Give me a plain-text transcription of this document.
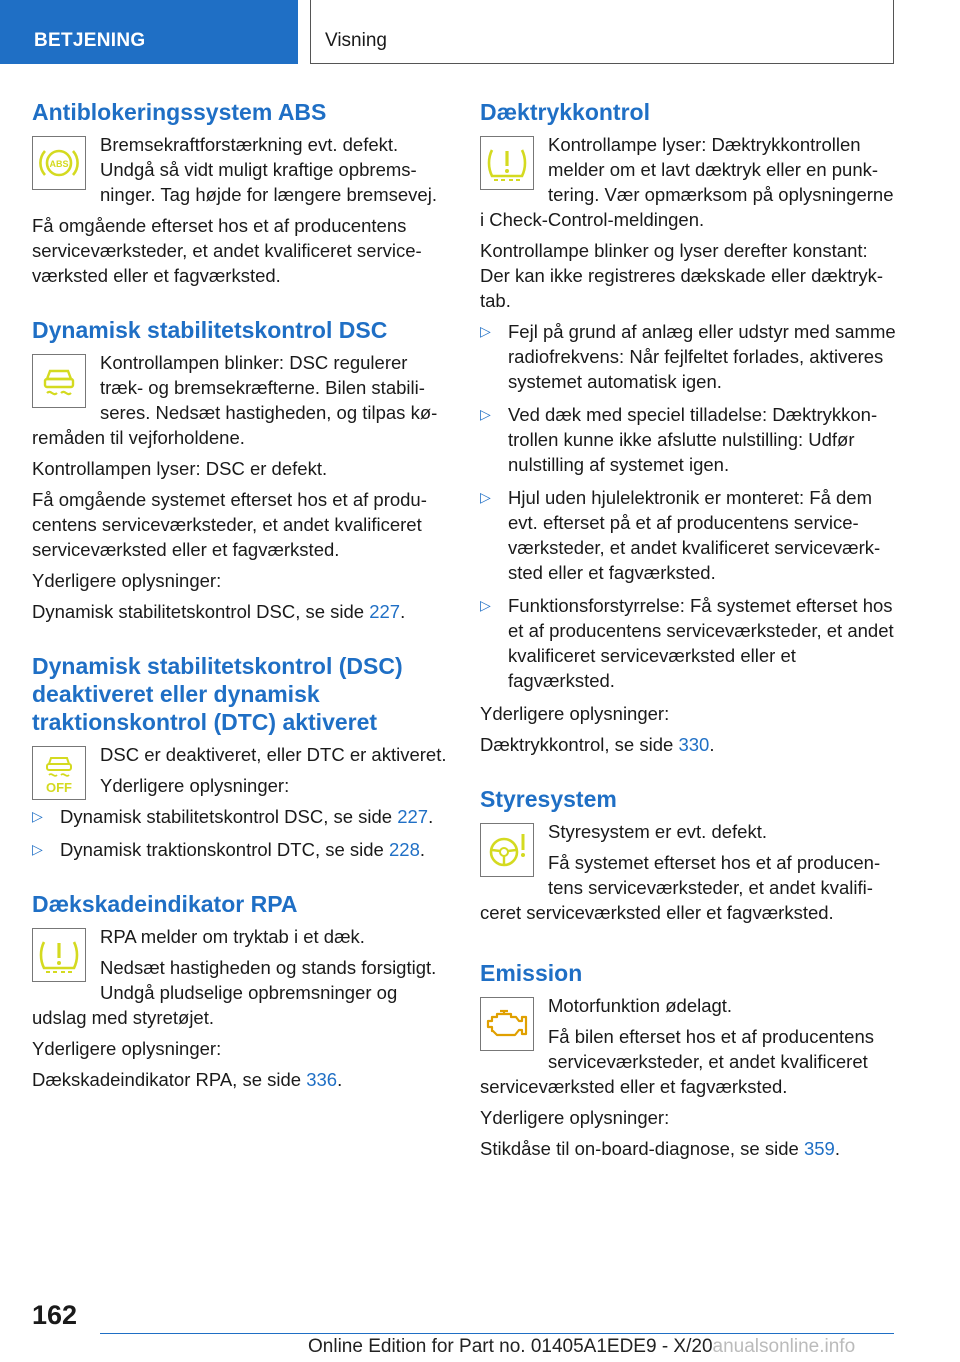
BETJENING	Visning
Antiblokeringssystem ABS
ABS

Bremsekraftforstærkning evt. defekt. Undgå så vidt muligt kraftige opbremsninger. Tag højde for længere bremsevej.

Få omgående efterset hos et af producentens serviceværksteder, et andet kvalificeret serviceværksted eller et fagværksted.

Dynamisk stabilitetskontrol DSC

Kontrollampen blinker: DSC regulerer træk- og bremsekræfterne. Bilen stabiliseres. Nedsæt hastigheden, og tilpas køremåden til vejforholdene.

Kontrollampen lyser: DSC er defekt.

Få omgående systemet efterset hos et af producentens serviceværksteder, et andet kvalificeret serviceværksted eller et fagværksted.

Yderligere oplysninger:

Dynamisk stabilitetskontrol DSC, se side 227.

Dynamisk stabilitetskontrol (DSC) deaktiveret eller dynamisk traktionskontrol (DTC) aktiveret
OFF

DSC er deaktiveret, eller DTC er aktiveret.

Yderligere oplysninger:

▷ Dynamisk stabilitetskontrol DSC, se side 227.
▷ Dynamisk traktionskontrol DTC, se side 228.
Dækskadeindikator RPA

RPA melder om tryktab i et dæk.

Nedsæt hastigheden og stands forsigtigt. Undgå pludselige opbremsninger og udslag med styretøjet.

Yderligere oplysninger:

Dækskadeindikator RPA, se side 336.

Dæktrykkontrol

Kontrollampe lyser: Dæktrykkontrollen melder om et lavt dæktryk eller en punktering. Vær opmærksom på oplysningerne i Check-Control-meldingen.

Kontrollampe blinker og lyser derefter konstant: Der kan ikke registreres dækskade eller dæktryktab.

▷ Fejl på grund af anlæg eller udstyr med samme radiofrekvens: Når fejlfeltet forlades, aktiveres systemet automatisk igen.
▷ Ved dæk med speciel tilladelse: Dæktrykkontrollen kunne ikke afslutte nulstilling: Udfør nulstilling af systemet igen.
▷ Hjul uden hjulelektronik er monteret: Få dem evt. efterset på et af producentens serviceværksteder, et andet kvalificeret serviceværksted eller et fagværksted.
▷ Funktionsforstyrrelse: Få systemet efterset hos et af producentens serviceværksteder, et andet kvalificeret serviceværksted eller et fagværksted.

Yderligere oplysninger:

Dæktrykkontrol, se side 330.

Styresystem

Styresystem er evt. defekt.

Få systemet efterset hos et af producentens serviceværksteder, et andet kvalificeret serviceværksted eller et fagværksted.

Emission

Motorfunktion ødelagt.

Få bilen efterset hos et af producentens serviceværksteder, et andet kvalificeret serviceværksted eller et fagværksted.

Yderligere oplysninger:

Stikdåse til on-board-diagnose, se side 359.

162
Online Edition for Part no. 01405A1EDE9 - X/20anualsonline.info
